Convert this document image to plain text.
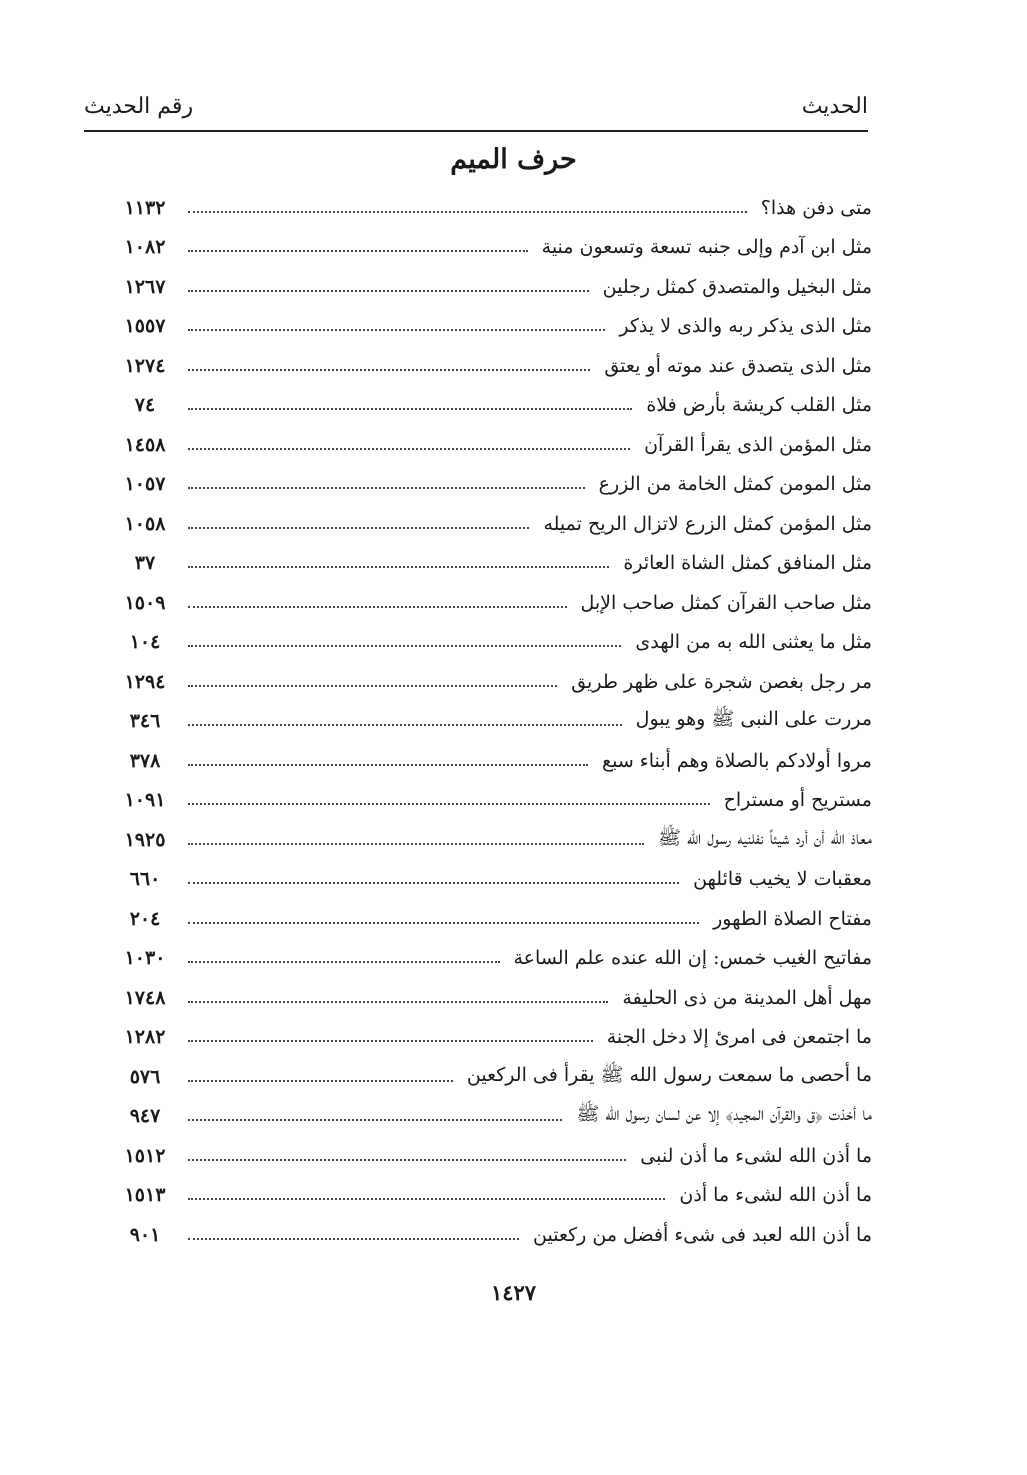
الحديث
رقم الحديث
حرف الميم
متى دفن هذا؟
١١٣٢
مثل ابن آدم وإلى جنبه تسعة وتسعون منية
١٠٨٢
مثل البخيل والمتصدق كمثل رجلين
١٢٦٧
مثل الذى يذكر ربه والذى لا يذكر
١٥٥٧
مثل الذى يتصدق عند موته أو يعتق
١٢٧٤
مثل القلب كريشة بأرض فلاة
٧٤
مثل المؤمن الذى يقرأ القرآن
١٤٥٨
مثل المومن كمثل الخامة من الزرع
١٠٥٧
مثل المؤمن كمثل الزرع لاتزال الريح تميله
١٠٥٨
مثل المنافق كمثل الشاة العائرة
٣٧
مثل صاحب القرآن كمثل صاحب الإبل
١٥٠٩
مثل ما يعثنى الله به من الهدى
١٠٤
مر رجل بغصن شجرة على ظهر طريق
١٢٩٤
مررت على النبى ﷺ وهو يبول
٣٤٦
مروا أولادكم بالصلاة وهم أبناء سبع
٣٧٨
مستريح أو مستراح
١٠٩١
معاذ الله أن أرد شيئاً نفلنيه رسول الله ﷺ
١٩٢٥
معقبات لا يخيب قائلهن
٦٦٠
مفتاح الصلاة الطهور
٢٠٤
مفاتيح الغيب خمس: إن الله عنده علم الساعة
١٠٣٠
مهل أهل المدينة من ذى الحليفة
١٧٤٨
ما اجتمعن فى امرئ إلا دخل الجنة
١٢٨٢
ما أحصى ما سمعت رسول الله ﷺ يقرأ فى الركعين
٥٧٦
ما أخذت ﴿ق والقرآن المجيد﴾ إلا عن لسان رسول الله ﷺ
٩٤٧
ما أذن الله لشىء ما أذن لنبى
١٥١٢
ما أذن الله لشىء ما أذن
١٥١٣
ما أذن الله لعبد فى شىء أفضل من ركعتين
٩٠١
١٤٢٧
